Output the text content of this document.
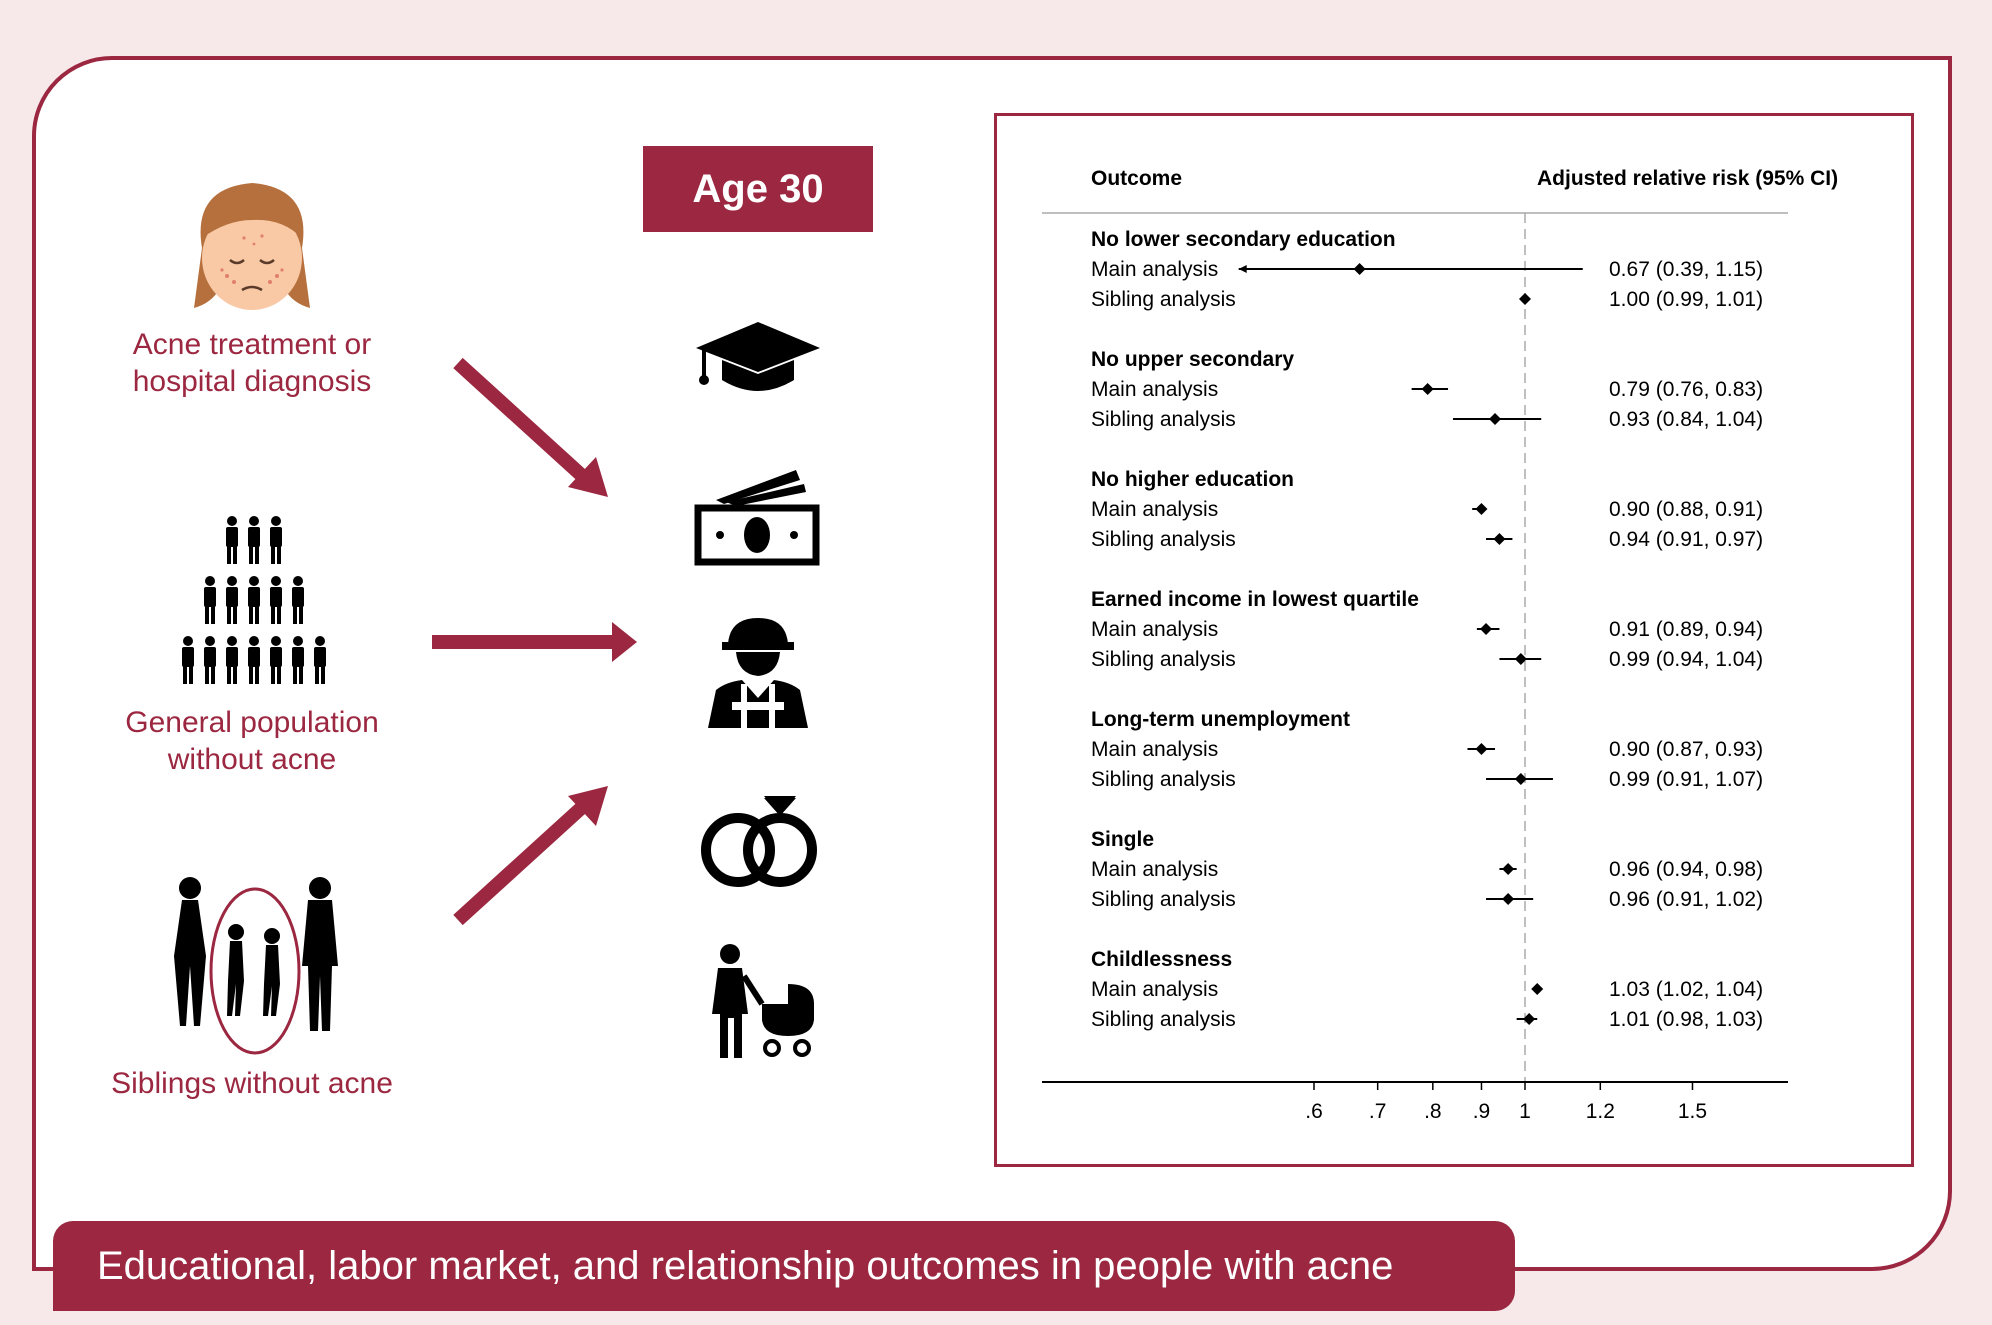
Acne treatment or
hospital diagnosis
General population
without acne
Siblings without acne
Age 30	Outcome	Adjusted relative risk (95% CI)
No lower secondary education
Main analysis	0.67 (0.39, 1.15)
Sibling analysis	1.00 (0.99, 1.01)
No upper secondary
Main analysis	0.79 (0.76, 0.83)
Sibling analysis	0.93 (0.84, 1.04)
No higher education
Main analysis	0.90 (0.88, 0.91)
Sibling analysis	0.94 (0.91, 0.97)
Earned income in lowest quartile
Main analysis	0.91 (0.89, 0.94)
Sibling analysis	0.99 (0.94, 1.04)
Long-term unemployment
Main analysis	0.90 (0.87, 0.93)
Sibling analysis	0.99 (0.91, 1.07)
Single
Main analysis	0.96 (0.94, 0.98)
Sibling analysis	0.96 (0.91, 1.02)
Childlessness
Main analysis	1.03 (1.02, 1.04)
Sibling analysis	1.01 (0.98, 1.03)
.6 .7 .8 .9 1	1.2	1.5
Educational, labor market, and relationship outcomes in people with acne
